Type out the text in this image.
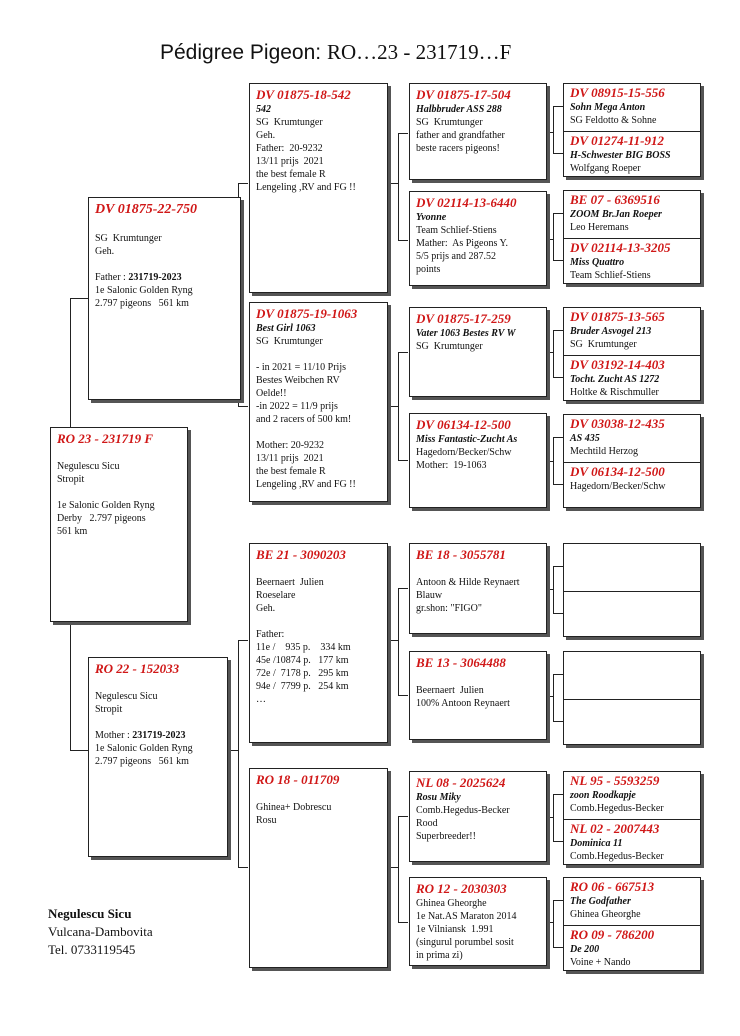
Pédigree Pigeon: RO…23 - 231719…F
RO 23 - 231719 F
Negulescu Sicu
Stropit
1e Salonic Golden Ryng
Derby   2.797 pigeons
561 km
DV 01875-22-750
SG  Krumtunger
Geh.
Father : 231719-2023
1e Salonic Golden Ryng
2.797 pigeons   561 km
RO 22 - 152033
Negulescu Sicu
Stropit
Mother : 231719-2023
1e Salonic Golden Ryng
2.797 pigeons   561 km
DV 01875-18-542
542
SG  Krumtunger
Geh.
Father:  20-9232
13/11 prijs  2021
the best female R
Lengeling ,RV and FG !!
DV 01875-19-1063
Best Girl 1063
SG  Krumtunger
- in 2021 = 11/10 Prijs
Bestes Weibchen RV
Oelde!!
-in 2022 = 11/9 prijs
and 2 racers of 500 km!
Mother: 20-9232
13/11 prijs  2021
the best female R
Lengeling ,RV and FG !!
BE 21 - 3090203
Beernaert  Julien
Roeselare
Geh.
Father:
11e /    935 p.    334 km
45e /10874 p.   177 km
72e /  7178 p.   295 km
94e /  7799 p.   254 km
…
RO 18 - 011709
Ghinea+ Dobrescu
Rosu
DV 01875-17-504
Halbbruder ASS 288
SG  Krumtunger
father and grandfather
beste racers pigeons!
DV 02114-13-6440
Yvonne
Team Schlief-Stiens
Mather:  As Pigeons Y.
5/5 prijs and 287.52
points
DV 01875-17-259
Vater 1063 Bestes RV W
SG  Krumtunger
DV 06134-12-500
Miss Fantastic-Zucht As
Hagedorn/Becker/Schw
Mother:  19-1063
BE 18 - 3055781
Antoon & Hilde Reynaert
Blauw
gr.shon: "FIGO"
BE 13 - 3064488
Beernaert  Julien
100% Antoon Reynaert
NL 08 - 2025624
Rosu Miky
Comb.Hegedus-Becker
Rood
Superbreeder!!
RO 12 - 2030303
Ghinea Gheorghe
1e Nat.AS Maraton 2014
1e Vilniansk  1.991
(singurul porumbel sosit
in prima zi)
DV 08915-15-556
Sohn Mega Anton
SG Feldotto & Sohne
DV 01274-11-912
H-Schwester BIG BOSS
Wolfgang Roeper
BE 07 - 6369516
ZOOM Br.Jan Roeper
Leo Heremans
DV 02114-13-3205
Miss Quattro
Team Schlief-Stiens
DV 01875-13-565
Bruder Asvogel 213
SG  Krumtunger
DV 03192-14-403
Tocht. Zucht AS 1272
Holtke & Rischmuller
DV 03038-12-435
AS 435
Mechtild Herzog
DV 06134-12-500
Hagedorn/Becker/Schw
NL 95 - 5593259
zoon Roodkapje
Comb.Hegedus-Becker
NL 02 - 2007443
Dominica 11
Comb.Hegedus-Becker
RO 06 - 667513
The Godfather
Ghinea Gheorghe
RO 09 - 786200
De 200
Voine + Nando
Negulescu Sicu
Vulcana-Dambovita
Tel. 0733119545
